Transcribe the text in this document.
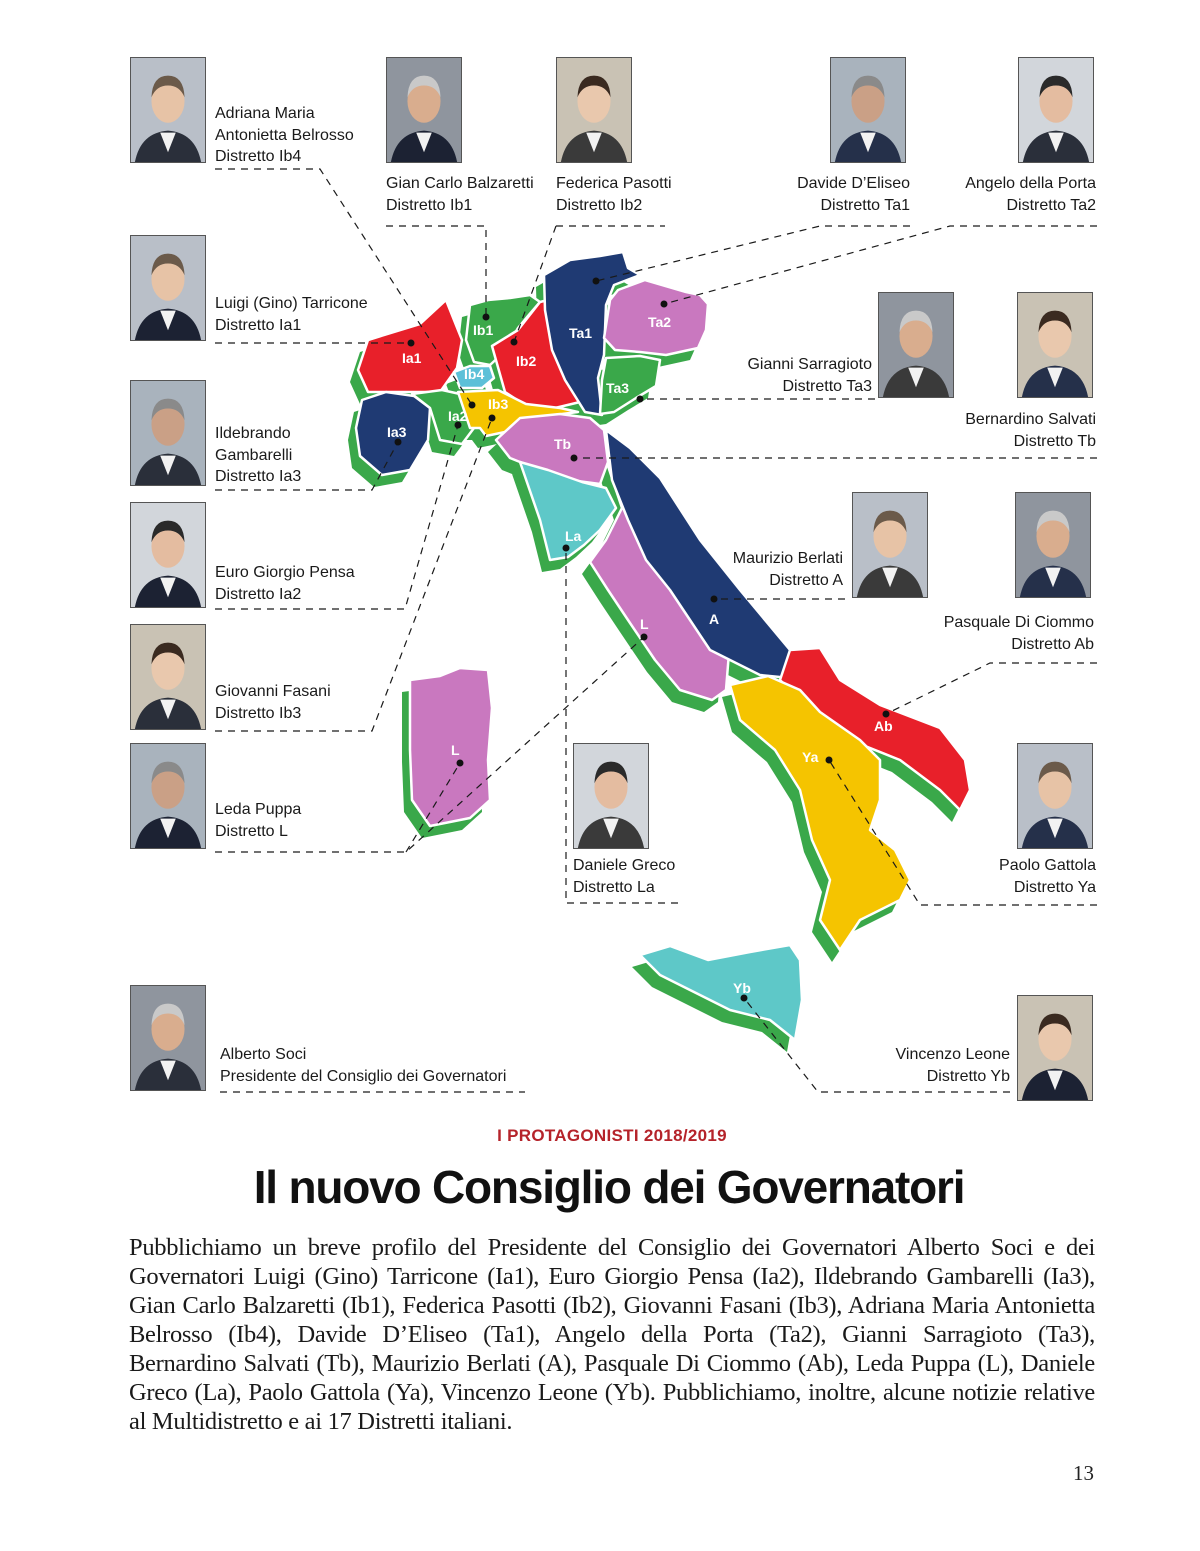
Ia1
Ia3
Ia2
Ib1
Ib2
Ib3
Ib4
Ta1
Ta2
Ta3
Tb
La
L	A
Ab
Ya
Yb
L
Adriana Maria
Antonietta Belrosso
Distretto Ib4
Gian Carlo Balzaretti
Distretto Ib1
Federica Pasotti
Distretto Ib2
Davide D’Eliseo
Distretto Ta1
Angelo della Porta
Distretto Ta2
Luigi (Gino) Tarricone
Distretto Ia1
Gianni Sarragioto
Distretto Ta3
Bernardino Salvati
Distretto Tb
Ildebrando
Gambarelli
Distretto Ia3
Euro Giorgio Pensa
Distretto Ia2
Maurizio Berlati
Distretto A
Pasquale Di Ciommo
Distretto Ab
Giovanni Fasani
Distretto Ib3
Leda Puppa
Distretto L
Daniele Greco
Distretto La
Paolo Gattola
Distretto Ya
Alberto Soci
Presidente del Consiglio dei Governatori
Vincenzo Leone
Distretto Yb
I PROTAGONISTI 2018/2019
Il nuovo Consiglio dei Governatori
Pubblichiamo un breve profilo del Presidente del Consiglio dei Governatori Alberto Soci e dei Governatori Luigi (Gino) Tarricone (Ia1), Euro Giorgio Pensa (Ia2), Ildebrando Gambarelli (Ia3), Gian Carlo Balzaretti (Ib1), Federica Pasotti (Ib2), Giovanni Fasani (Ib3), Adriana Maria Antonietta Belrosso (Ib4), Davide D’Eliseo (Ta1), Angelo della Porta (Ta2), Gianni Sarragioto (Ta3), Bernardino Salvati (Tb), Maurizio Berlati (A), Pasquale Di Ciommo (Ab), Leda Puppa (L), Daniele Greco (La), Paolo Gattola (Ya), Vincenzo Leone (Yb). Pubblichiamo, inoltre, alcune notizie relative al Multidistretto e ai 17 Distretti italiani.
13
